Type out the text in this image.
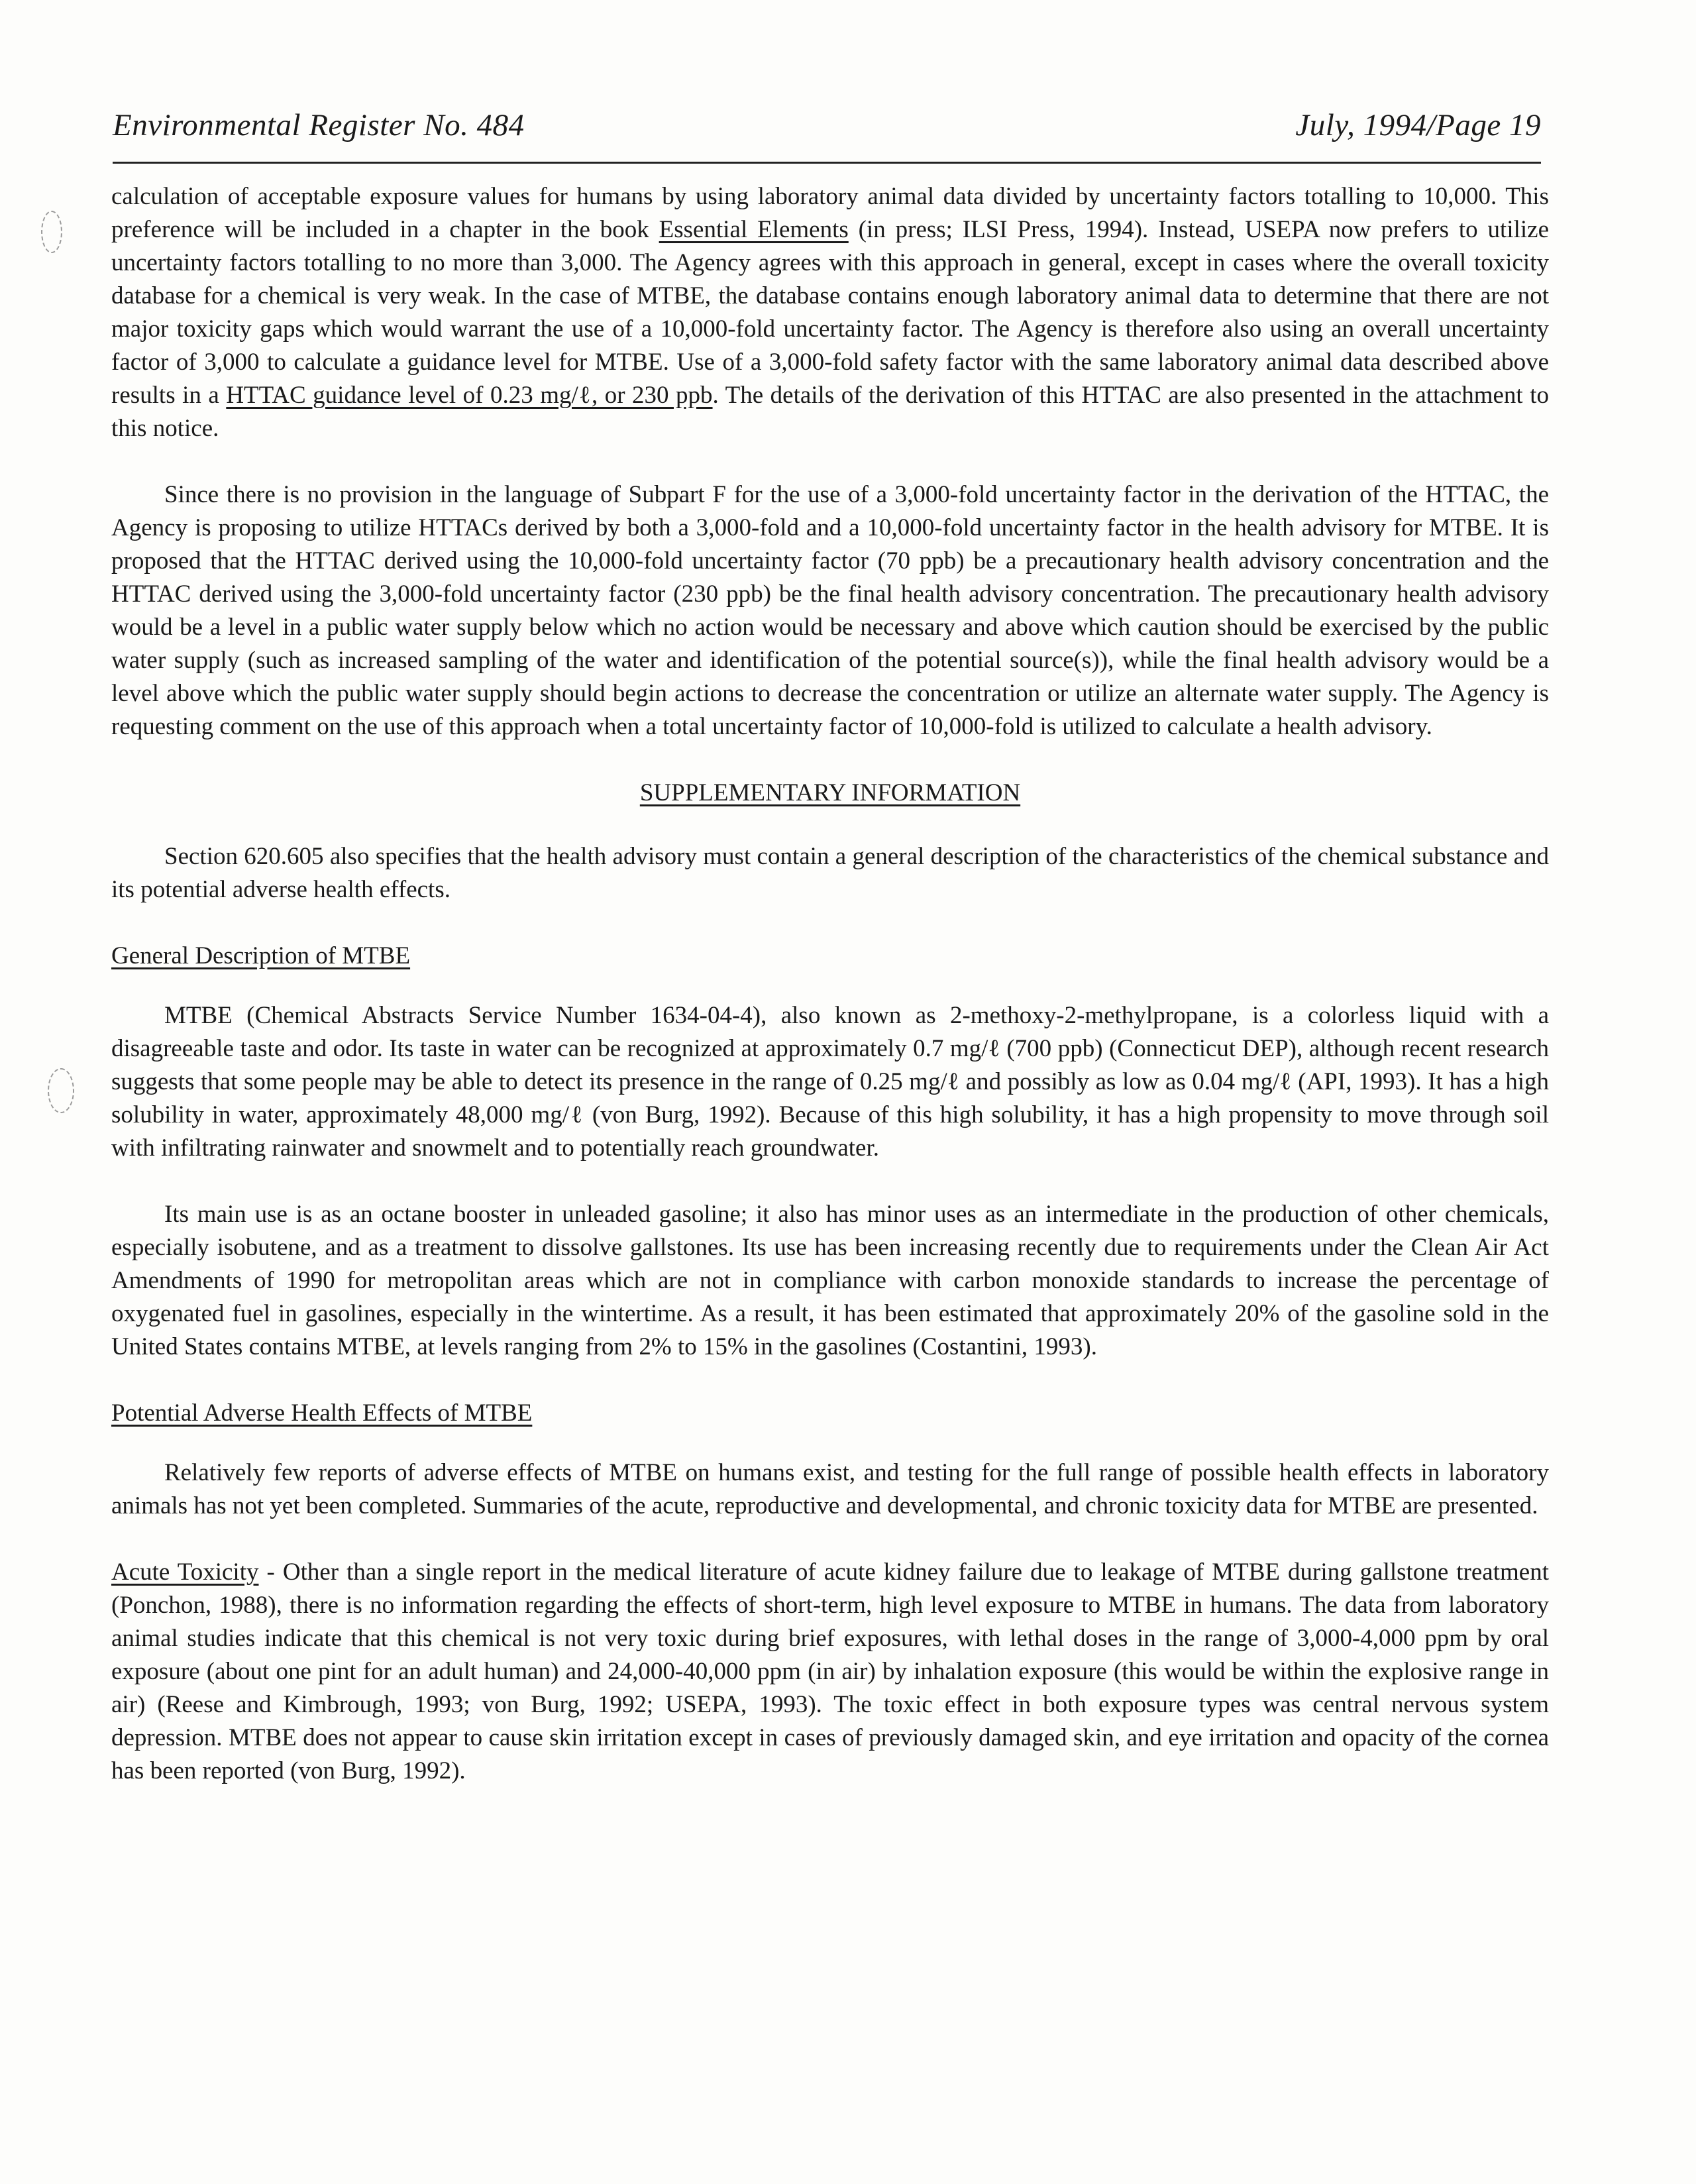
Environmental Register No. 484	July, 1994/Page 19

calculation of acceptable exposure values for humans by using laboratory animal data divided by uncertainty factors totalling to 10,000. This preference will be included in a chapter in the book Essential Elements (in press; ILSI Press, 1994). Instead, USEPA now prefers to utilize uncertainty factors totalling to no more than 3,000. The Agency agrees with this approach in general, except in cases where the overall toxicity database for a chemical is very weak. In the case of MTBE, the database contains enough laboratory animal data to determine that there are not major toxicity gaps which would warrant the use of a 10,000-fold uncertainty factor. The Agency is therefore also using an overall uncertainty factor of 3,000 to calculate a guidance level for MTBE. Use of a 3,000-fold safety factor with the same laboratory animal data described above results in a HTTAC guidance level of 0.23 mg/ℓ, or 230 ppb. The details of the derivation of this HTTAC are also presented in the attachment to this notice.

Since there is no provision in the language of Subpart F for the use of a 3,000-fold uncertainty factor in the derivation of the HTTAC, the Agency is proposing to utilize HTTACs derived by both a 3,000-fold and a 10,000-fold uncertainty factor in the health advisory for MTBE. It is proposed that the HTTAC derived using the 10,000-fold uncertainty factor (70 ppb) be a precautionary health advisory concentration and the HTTAC derived using the 3,000-fold uncertainty factor (230 ppb) be the final health advisory concentration. The precautionary health advisory would be a level in a public water supply below which no action would be necessary and above which caution should be exercised by the public water supply (such as increased sampling of the water and identification of the potential source(s)), while the final health advisory would be a level above which the public water supply should begin actions to decrease the concentration or utilize an alternate water supply. The Agency is requesting comment on the use of this approach when a total uncertainty factor of 10,000-fold is utilized to calculate a health advisory.

SUPPLEMENTARY INFORMATION

Section 620.605 also specifies that the health advisory must contain a general description of the characteristics of the chemical substance and its potential adverse health effects.

General Description of MTBE

MTBE (Chemical Abstracts Service Number 1634-04-4), also known as 2-methoxy-2-methylpropane, is a colorless liquid with a disagreeable taste and odor. Its taste in water can be recognized at approximately 0.7 mg/ℓ (700 ppb) (Connecticut DEP), although recent research suggests that some people may be able to detect its presence in the range of 0.25 mg/ℓ and possibly as low as 0.04 mg/ℓ (API, 1993). It has a high solubility in water, approximately 48,000 mg/ℓ (von Burg, 1992). Because of this high solubility, it has a high propensity to move through soil with infiltrating rainwater and snowmelt and to potentially reach groundwater.

Its main use is as an octane booster in unleaded gasoline; it also has minor uses as an intermediate in the production of other chemicals, especially isobutene, and as a treatment to dissolve gallstones. Its use has been increasing recently due to requirements under the Clean Air Act Amendments of 1990 for metropolitan areas which are not in compliance with carbon monoxide standards to increase the percentage of oxygenated fuel in gasolines, especially in the wintertime. As a result, it has been estimated that approximately 20% of the gasoline sold in the United States contains MTBE, at levels ranging from 2% to 15% in the gasolines (Costantini, 1993).

Potential Adverse Health Effects of MTBE

Relatively few reports of adverse effects of MTBE on humans exist, and testing for the full range of possible health effects in laboratory animals has not yet been completed. Summaries of the acute, reproductive and developmental, and chronic toxicity data for MTBE are presented.

Acute Toxicity - Other than a single report in the medical literature of acute kidney failure due to leakage of MTBE during gallstone treatment (Ponchon, 1988), there is no information regarding the effects of short-term, high level exposure to MTBE in humans. The data from laboratory animal studies indicate that this chemical is not very toxic during brief exposures, with lethal doses in the range of 3,000-4,000 ppm by oral exposure (about one pint for an adult human) and 24,000-40,000 ppm (in air) by inhalation exposure (this would be within the explosive range in air) (Reese and Kimbrough, 1993; von Burg, 1992; USEPA, 1993). The toxic effect in both exposure types was central nervous system depression. MTBE does not appear to cause skin irritation except in cases of previously damaged skin, and eye irritation and opacity of the cornea has been reported (von Burg, 1992).
